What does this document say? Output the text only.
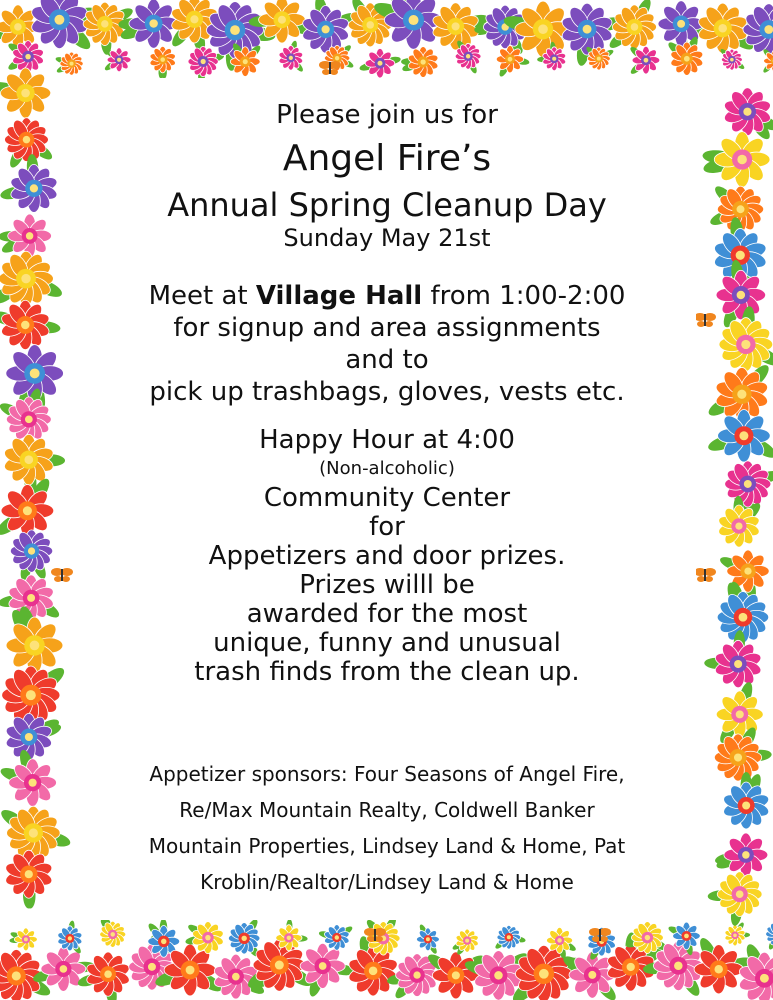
Please join us for

Angel Fire’s

Annual Spring Cleanup Day

Sunday May 21st

Meet at Village Hall from 1:00-2:00
for signup and area assignments
and to
pick up trashbags, gloves, vests etc.

Happy Hour at 4:00

(Non-alcoholic)

Community Center
for
Appetizers and door prizes.
Prizes willl be
awarded for the most
unique, funny and unusual
trash finds from the clean up.

Appetizer sponsors: Four Seasons of Angel Fire,
Re/Max Mountain Realty, Coldwell Banker
Mountain Properties, Lindsey Land & Home, Pat
Kroblin/Realtor/Lindsey Land & Home
